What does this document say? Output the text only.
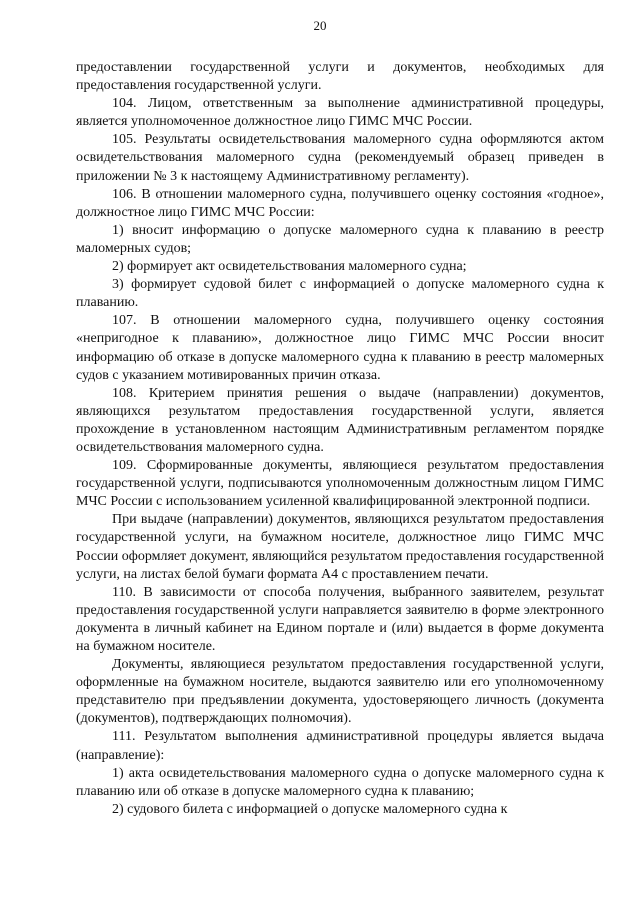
20

предоставлении государственной услуги и документов, необходимых для предоставления государственной услуги.

104. Лицом, ответственным за выполнение административной процедуры, является уполномоченное должностное лицо ГИМС МЧС России.

105. Результаты освидетельствования маломерного судна оформляются актом освидетельствования маломерного судна (рекомендуемый образец приведен в приложении № 3 к настоящему Административному регламенту).

106. В отношении маломерного судна, получившего оценку состояния «годное», должностное лицо ГИМС МЧС России:

1) вносит информацию о допуске маломерного судна к плаванию в реестр маломерных судов;

2) формирует акт освидетельствования маломерного судна;

3) формирует судовой билет с информацией о допуске маломерного судна к плаванию.

107. В отношении маломерного судна, получившего оценку состояния «непригодное к плаванию», должностное лицо ГИМС МЧС России вносит информацию об отказе в допуске маломерного судна к плаванию в реестр маломерных судов с указанием мотивированных причин отказа.

108. Критерием принятия решения о выдаче (направлении) документов, являющихся результатом предоставления государственной услуги, является прохождение в установленном настоящим Административным регламентом порядке освидетельствования маломерного судна.

109. Сформированные документы, являющиеся результатом предоставления государственной услуги, подписываются уполномоченным должностным лицом ГИМС МЧС России с использованием усиленной квалифицированной электронной подписи.

При выдаче (направлении) документов, являющихся результатом предоставления государственной услуги, на бумажном носителе, должностное лицо ГИМС МЧС России оформляет документ, являющийся результатом предоставления государственной услуги, на листах белой бумаги формата А4 с проставлением печати.

110. В зависимости от способа получения, выбранного заявителем, результат предоставления государственной услуги направляется заявителю в форме электронного документа в личный кабинет на Едином портале и (или) выдается в форме документа на бумажном носителе.

Документы, являющиеся результатом предоставления государственной услуги, оформленные на бумажном носителе, выдаются заявителю или его уполномоченному представителю при предъявлении документа, удостоверяющего личность (документа (документов), подтверждающих полномочия).

111. Результатом выполнения административной процедуры является выдача (направление):

1) акта освидетельствования маломерного судна о допуске маломерного судна к плаванию или об отказе в допуске маломерного судна к плаванию;

2) судового билета с информацией о допуске маломерного судна к
